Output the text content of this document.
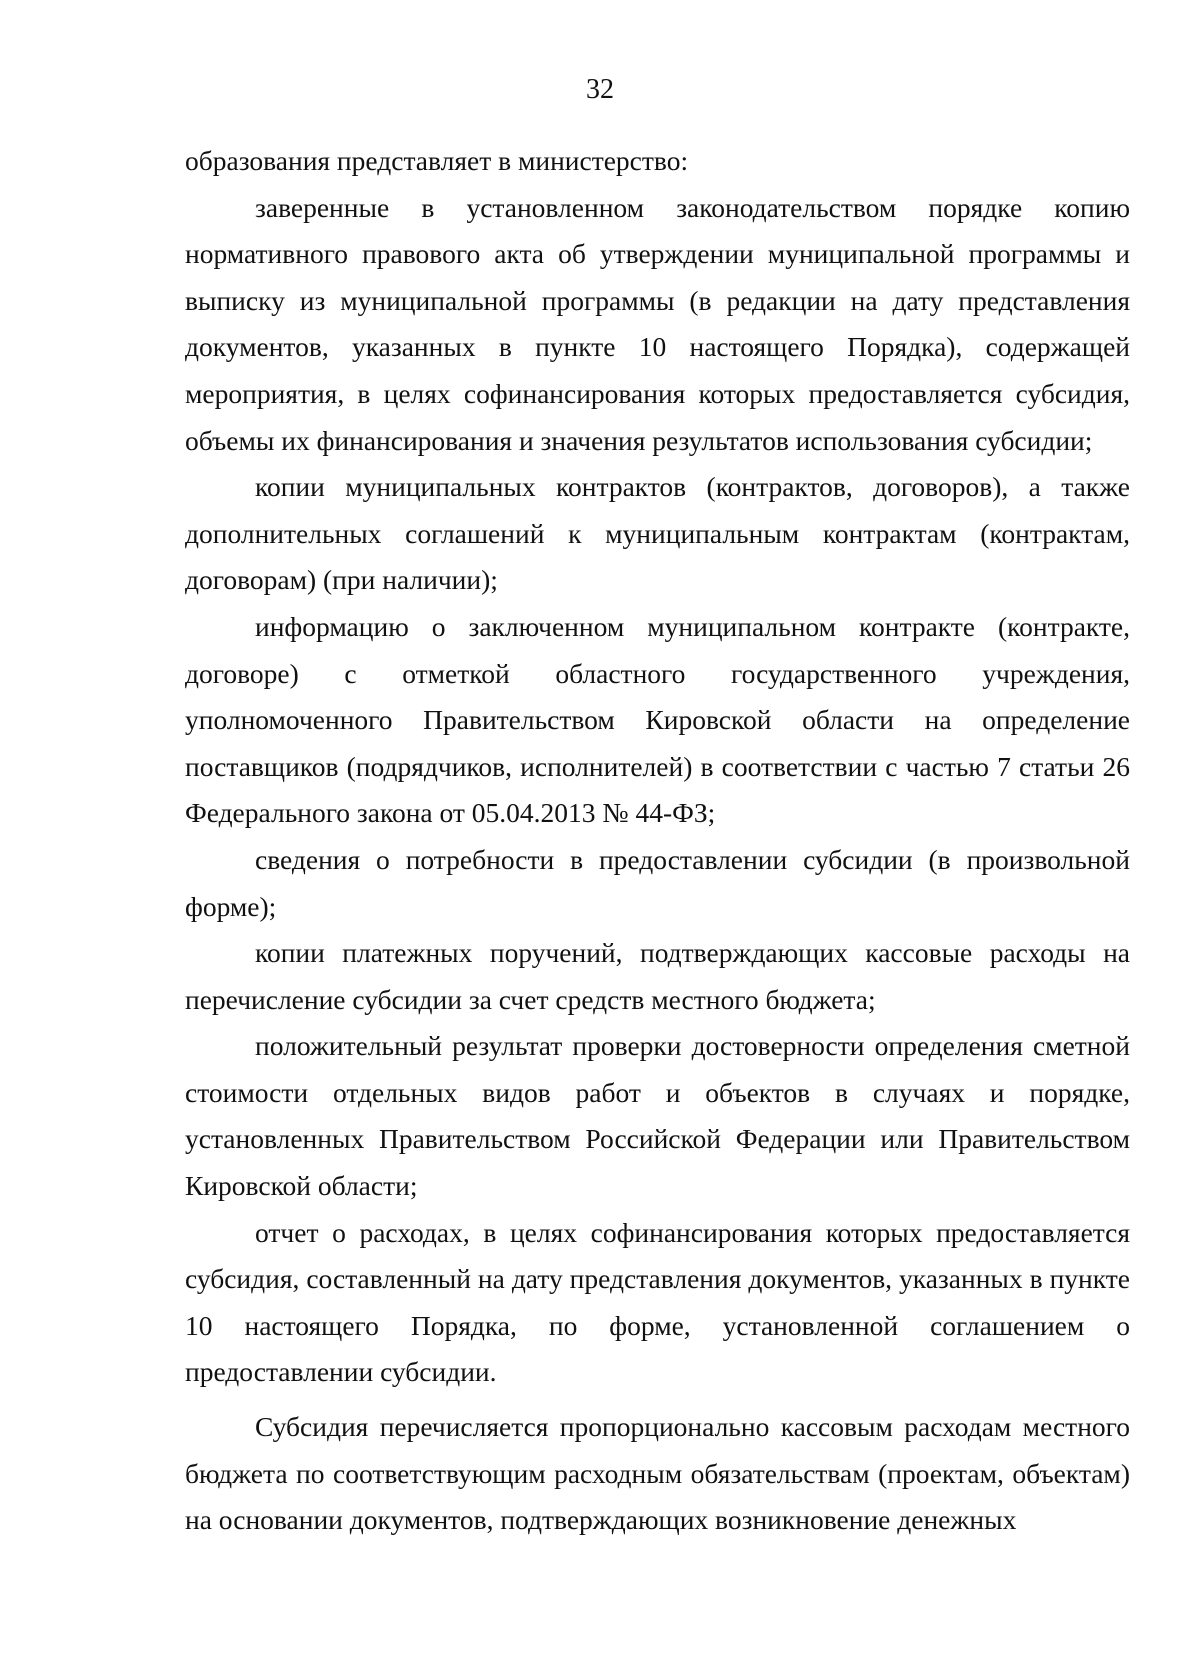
32

образования представляет в министерство:

заверенные в установленном законодательством порядке копию нормативного правового акта об утверждении муниципальной программы и выписку из муниципальной программы (в редакции на дату представления документов, указанных в пункте 10 настоящего Порядка), содержащей мероприятия, в целях софинансирования которых предоставляется субсидия, объемы их финансирования и значения результатов использования субсидии;

копии муниципальных контрактов (контрактов, договоров), а также дополнительных соглашений к муниципальным контрактам (контрактам, договорам) (при наличии);

информацию о заключенном муниципальном контракте (контракте, договоре) с отметкой областного государственного учреждения, уполномоченного Правительством Кировской области на определение поставщиков (подрядчиков, исполнителей) в соответствии с частью 7 статьи 26 Федерального закона от 05.04.2013 № 44-ФЗ;

сведения о потребности в предоставлении субсидии (в произвольной форме);

копии платежных поручений, подтверждающих кассовые расходы на перечисление субсидии за счет средств местного бюджета;

положительный результат проверки достоверности определения сметной стоимости отдельных видов работ и объектов в случаях и порядке, установленных Правительством Российской Федерации или Правительством Кировской области;

отчет о расходах, в целях софинансирования которых предоставляется субсидия, составленный на дату представления документов, указанных в пункте 10 настоящего Порядка, по форме, установленной соглашением о предоставлении субсидии.

Субсидия перечисляется пропорционально кассовым расходам местного бюджета по соответствующим расходным обязательствам (проектам, объектам) на основании документов, подтверждающих возникновение денежных
